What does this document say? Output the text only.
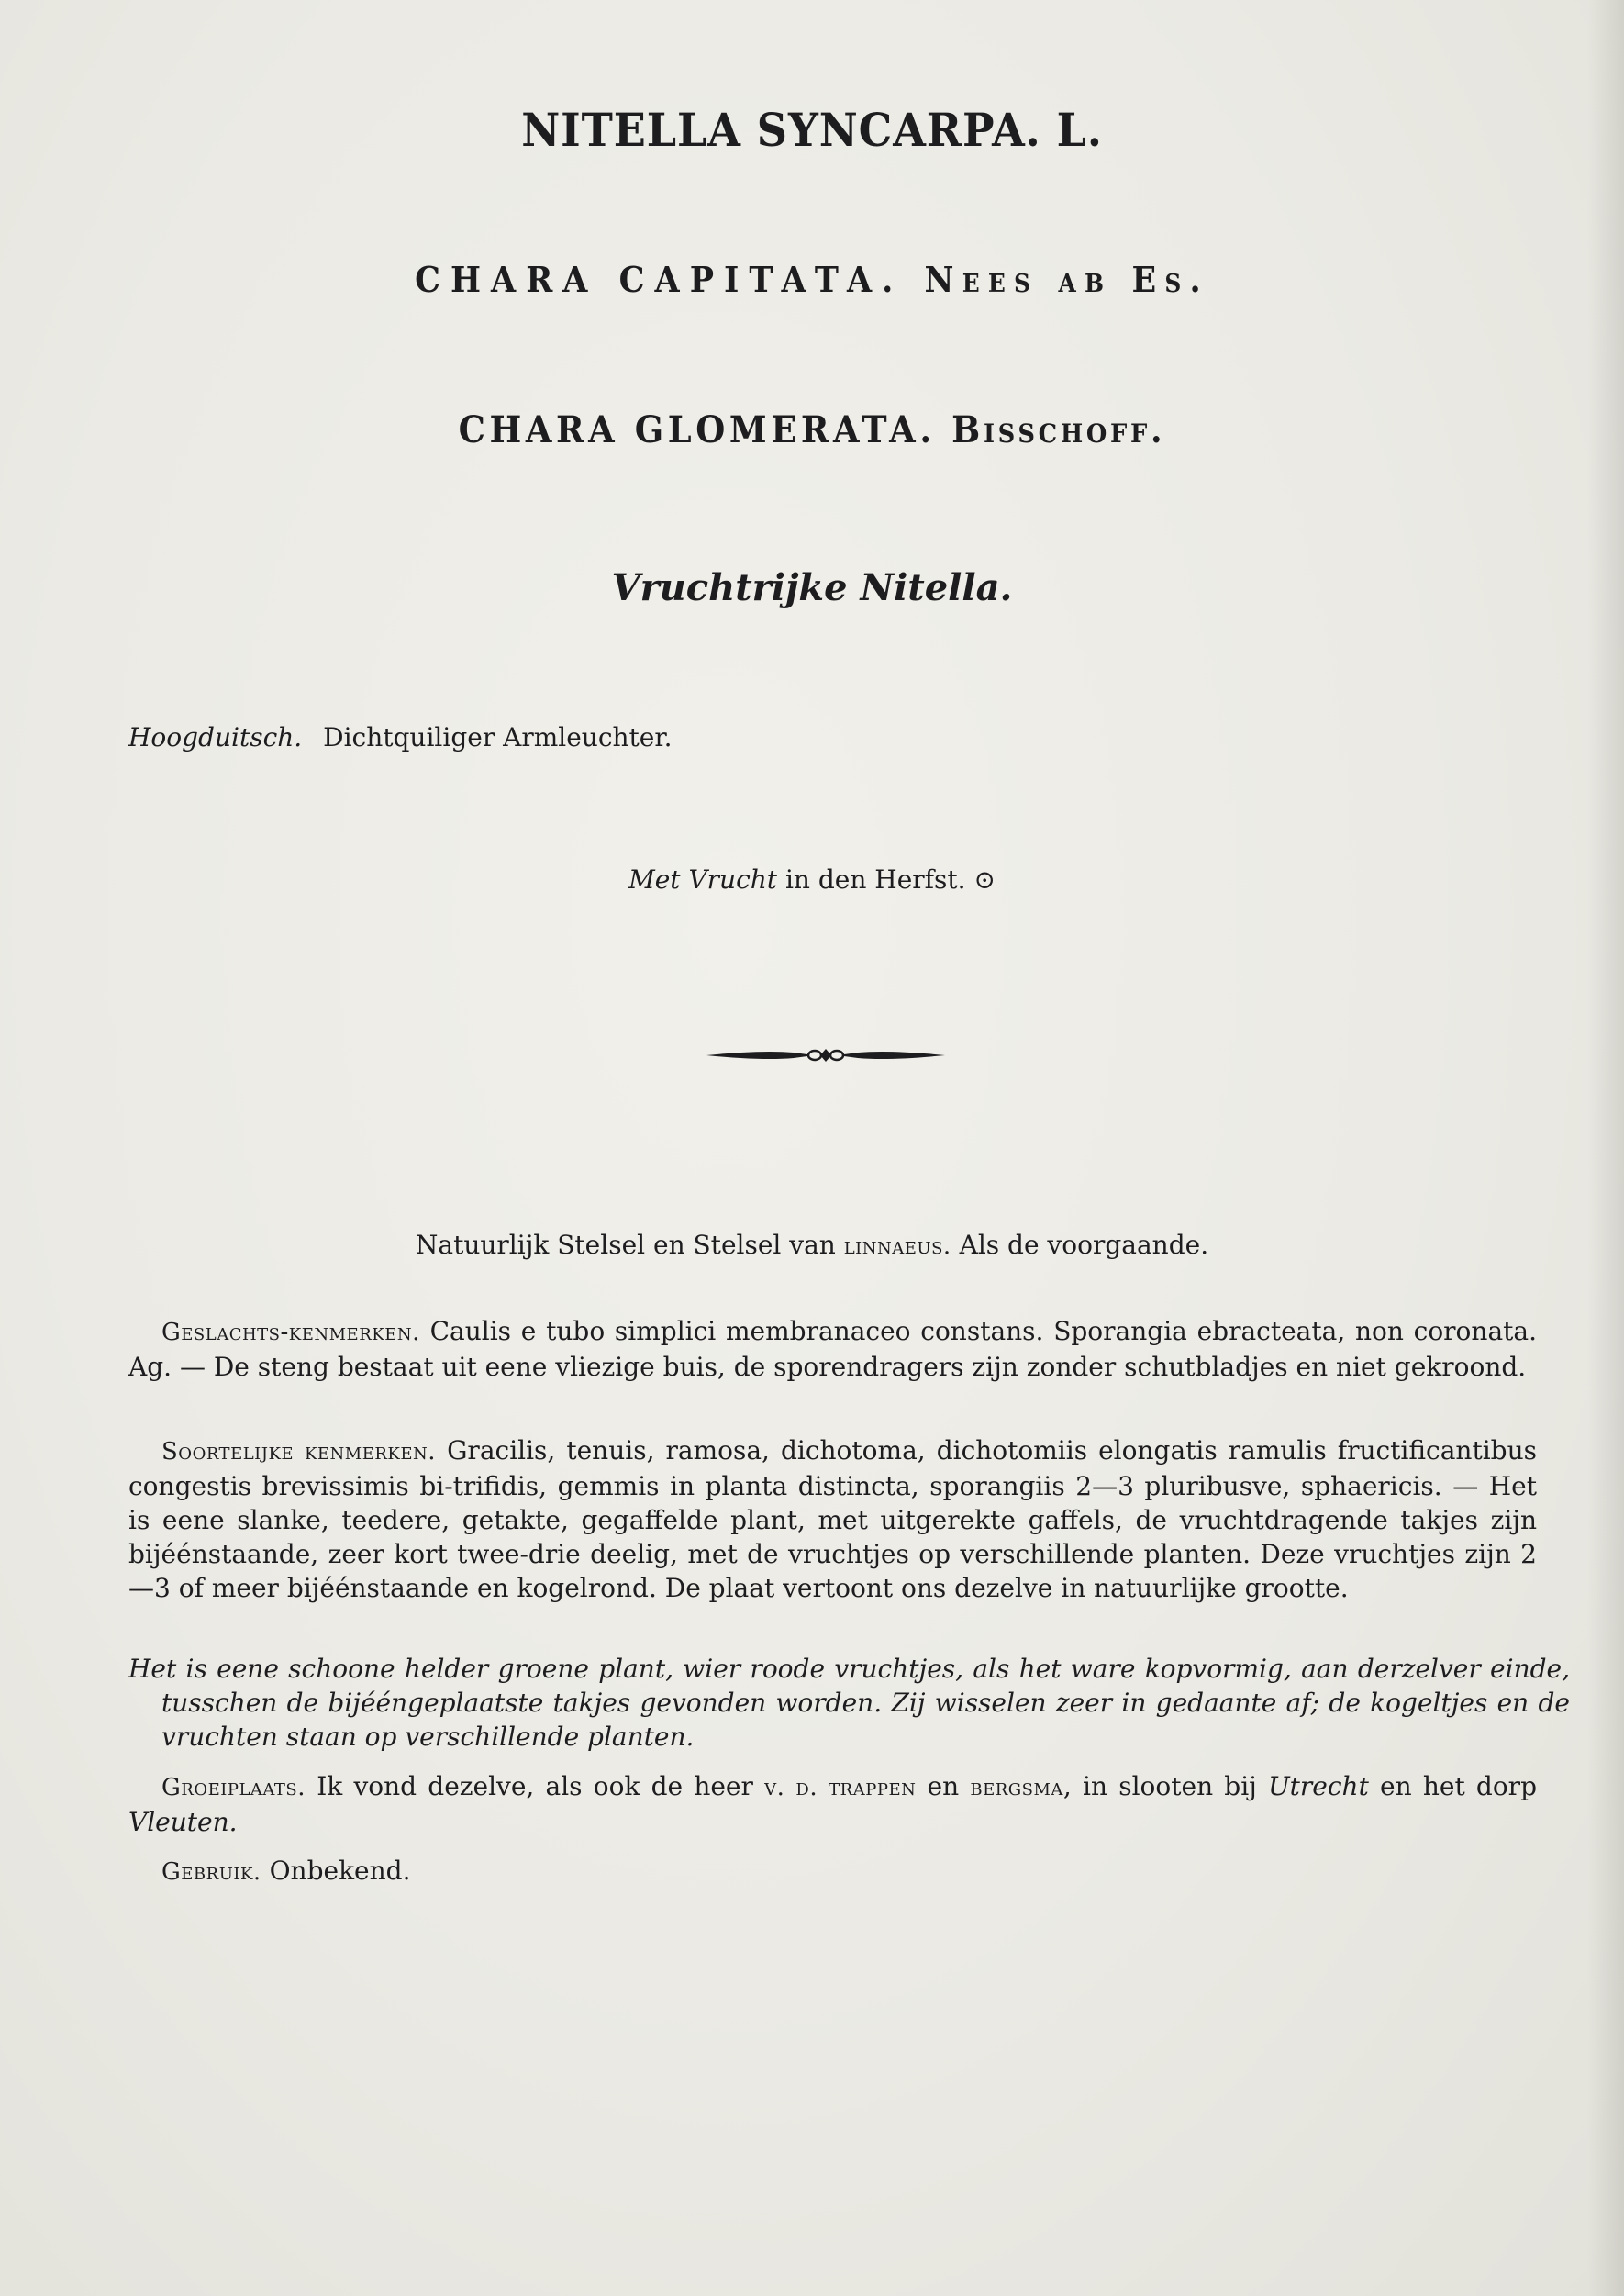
NITELLA SYNCARPA. L.
CHARA CAPITATA. Nees ab Es.
CHARA GLOMERATA. Bisschoff.
Vruchtrijke Nitella.
Hoogduitsch. Dichtquiliger Armleuchter.
Met Vrucht in den Herfst. ⊙
Natuurlijk Stelsel en Stelsel van linnaeus. Als de voorgaande.
Geslachts-kenmerken. Caulis e tubo simplici membranaceo constans. Sporangia ebracteata, non coronata. Ag. — De steng bestaat uit eene vliezige buis, de sporendragers zijn zonder schutbladjes en niet gekroond.
Soortelijke kenmerken. Gracilis, tenuis, ramosa, dichotoma, dichotomiis elongatis ramulis fructificantibus congestis brevissimis bi-trifidis, gemmis in planta distincta, sporangiis 2—3 pluribusve, sphaericis. — Het is eene slanke, teedere, getakte, gegaffelde plant, met uitgerekte gaffels, de vruchtdragende takjes zijn bijéénstaande, zeer kort twee-drie deelig, met de vruchtjes op verschillende planten. Deze vruchtjes zijn 2—3 of meer bijéénstaande en kogelrond. De plaat vertoont ons dezelve in natuurlijke grootte.
Het is eene schoone helder groene plant, wier roode vruchtjes, als het ware kopvormig, aan derzelver einde, tusschen de bijééngeplaatste takjes gevonden worden. Zij wisselen zeer in gedaante af; de kogeltjes en de vruchten staan op verschillende planten.
Groeiplaats. Ik vond dezelve, als ook de heer v. d. trappen en bergsma, in slooten bij Utrecht en het dorp Vleuten.
Gebruik. Onbekend.
